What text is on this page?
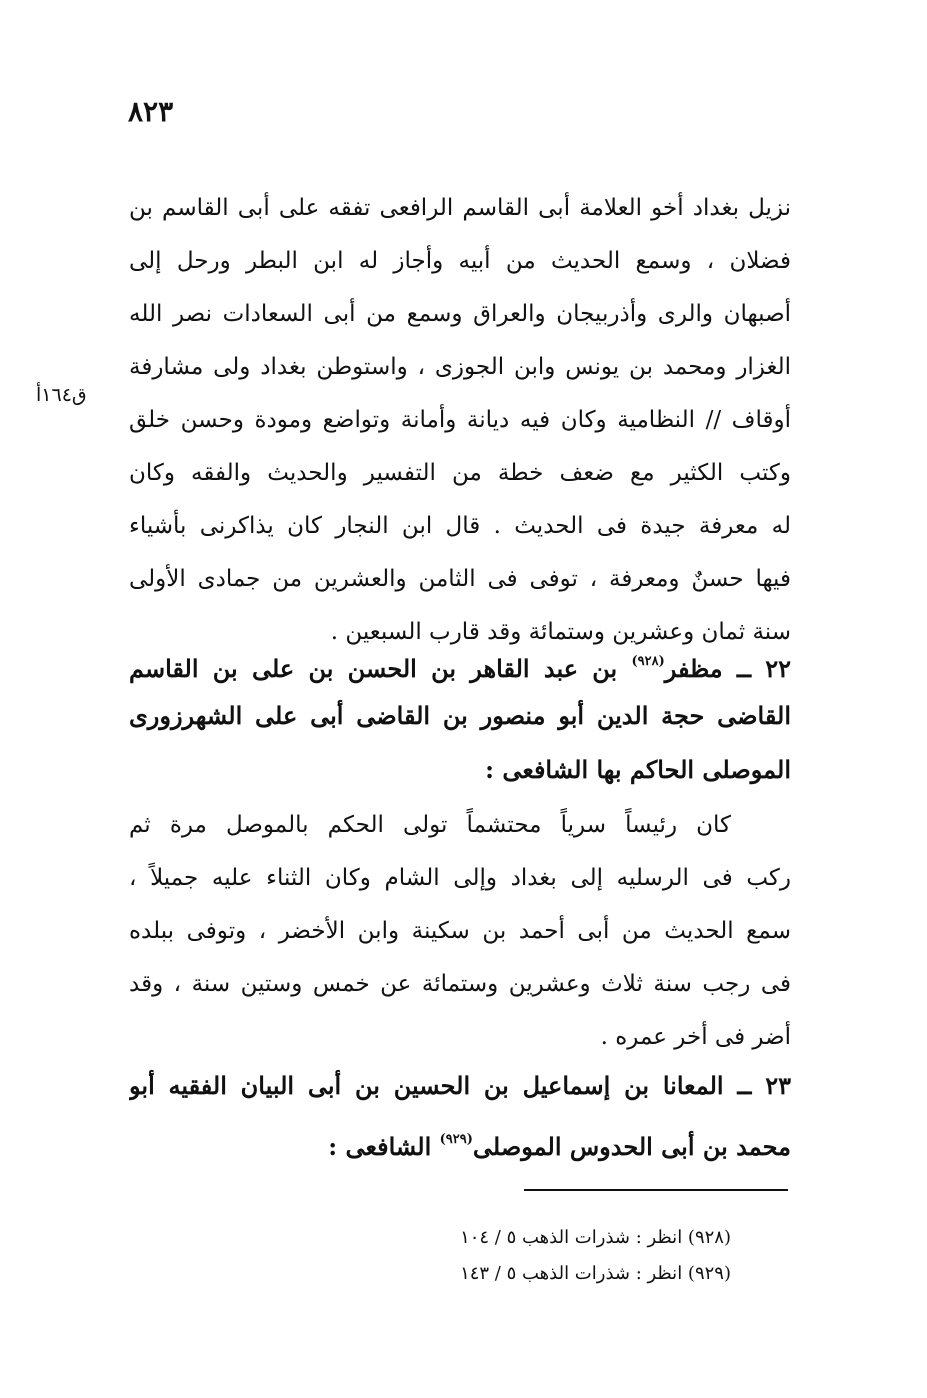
٨٢٣
ق١٦٤أ
نزيل بغداد أخو العلامة أبى القاسم الرافعى تفقه على أبى القاسم بن
فضلان ، وسمع الحديث من أبيه وأجاز له ابن البطر ورحل إلى
أصبهان والرى وأذربيجان والعراق وسمع من أبى السعادات نصر الله
الغزار ومحمد بن يونس وابن الجوزى ، واستوطن بغداد ولى مشارفة
أوقاف // النظامية وكان فيه ديانة وأمانة وتواضع ومودة وحسن خلق
وكتب الكثير مع ضعف خطة من التفسير والحديث والفقه وكان
له معرفة جيدة فى الحديث . قال ابن النجار كان يذاكرنى بأشياء
فيها حسنٌ ومعرفة ، توفى فى الثامن والعشرين من جمادى الأولى
سنة ثمان وعشرين وستمائة وقد قارب السبعين .
٢٢ ــ مظفر$^{(٩٢٨)}$ بن عبد القاهر بن الحسن بن على بن القاسم
القاضى حجة الدين أبو منصور بن القاضى أبى على الشهرزورى
الموصلى الحاكم بها الشافعى :
كان رئيساً سرياً محتشماً تولى الحكم بالموصل مرة ثم
ركب فى الرسليه إلى بغداد وإلى الشام وكان الثناء عليه جميلاً ،
سمع الحديث من أبى أحمد بن سكينة وابن الأخضر ، وتوفى ببلده
فى رجب سنة ثلاث وعشرين وستمائة عن خمس وستين سنة ، وقد
أضر فى أخر عمره .
٢٣ ــ المعانا بن إسماعيل بن الحسين بن أبى البيان الفقيه أبو
محمد بن أبى الحدوس الموصلى$^{(٩٢٩)}$ الشافعى :
(٩٢٨) انظر : شذرات الذهب ٥ / ١٠٤
(٩٢٩) انظر : شذرات الذهب ٥ / ١٤٣
